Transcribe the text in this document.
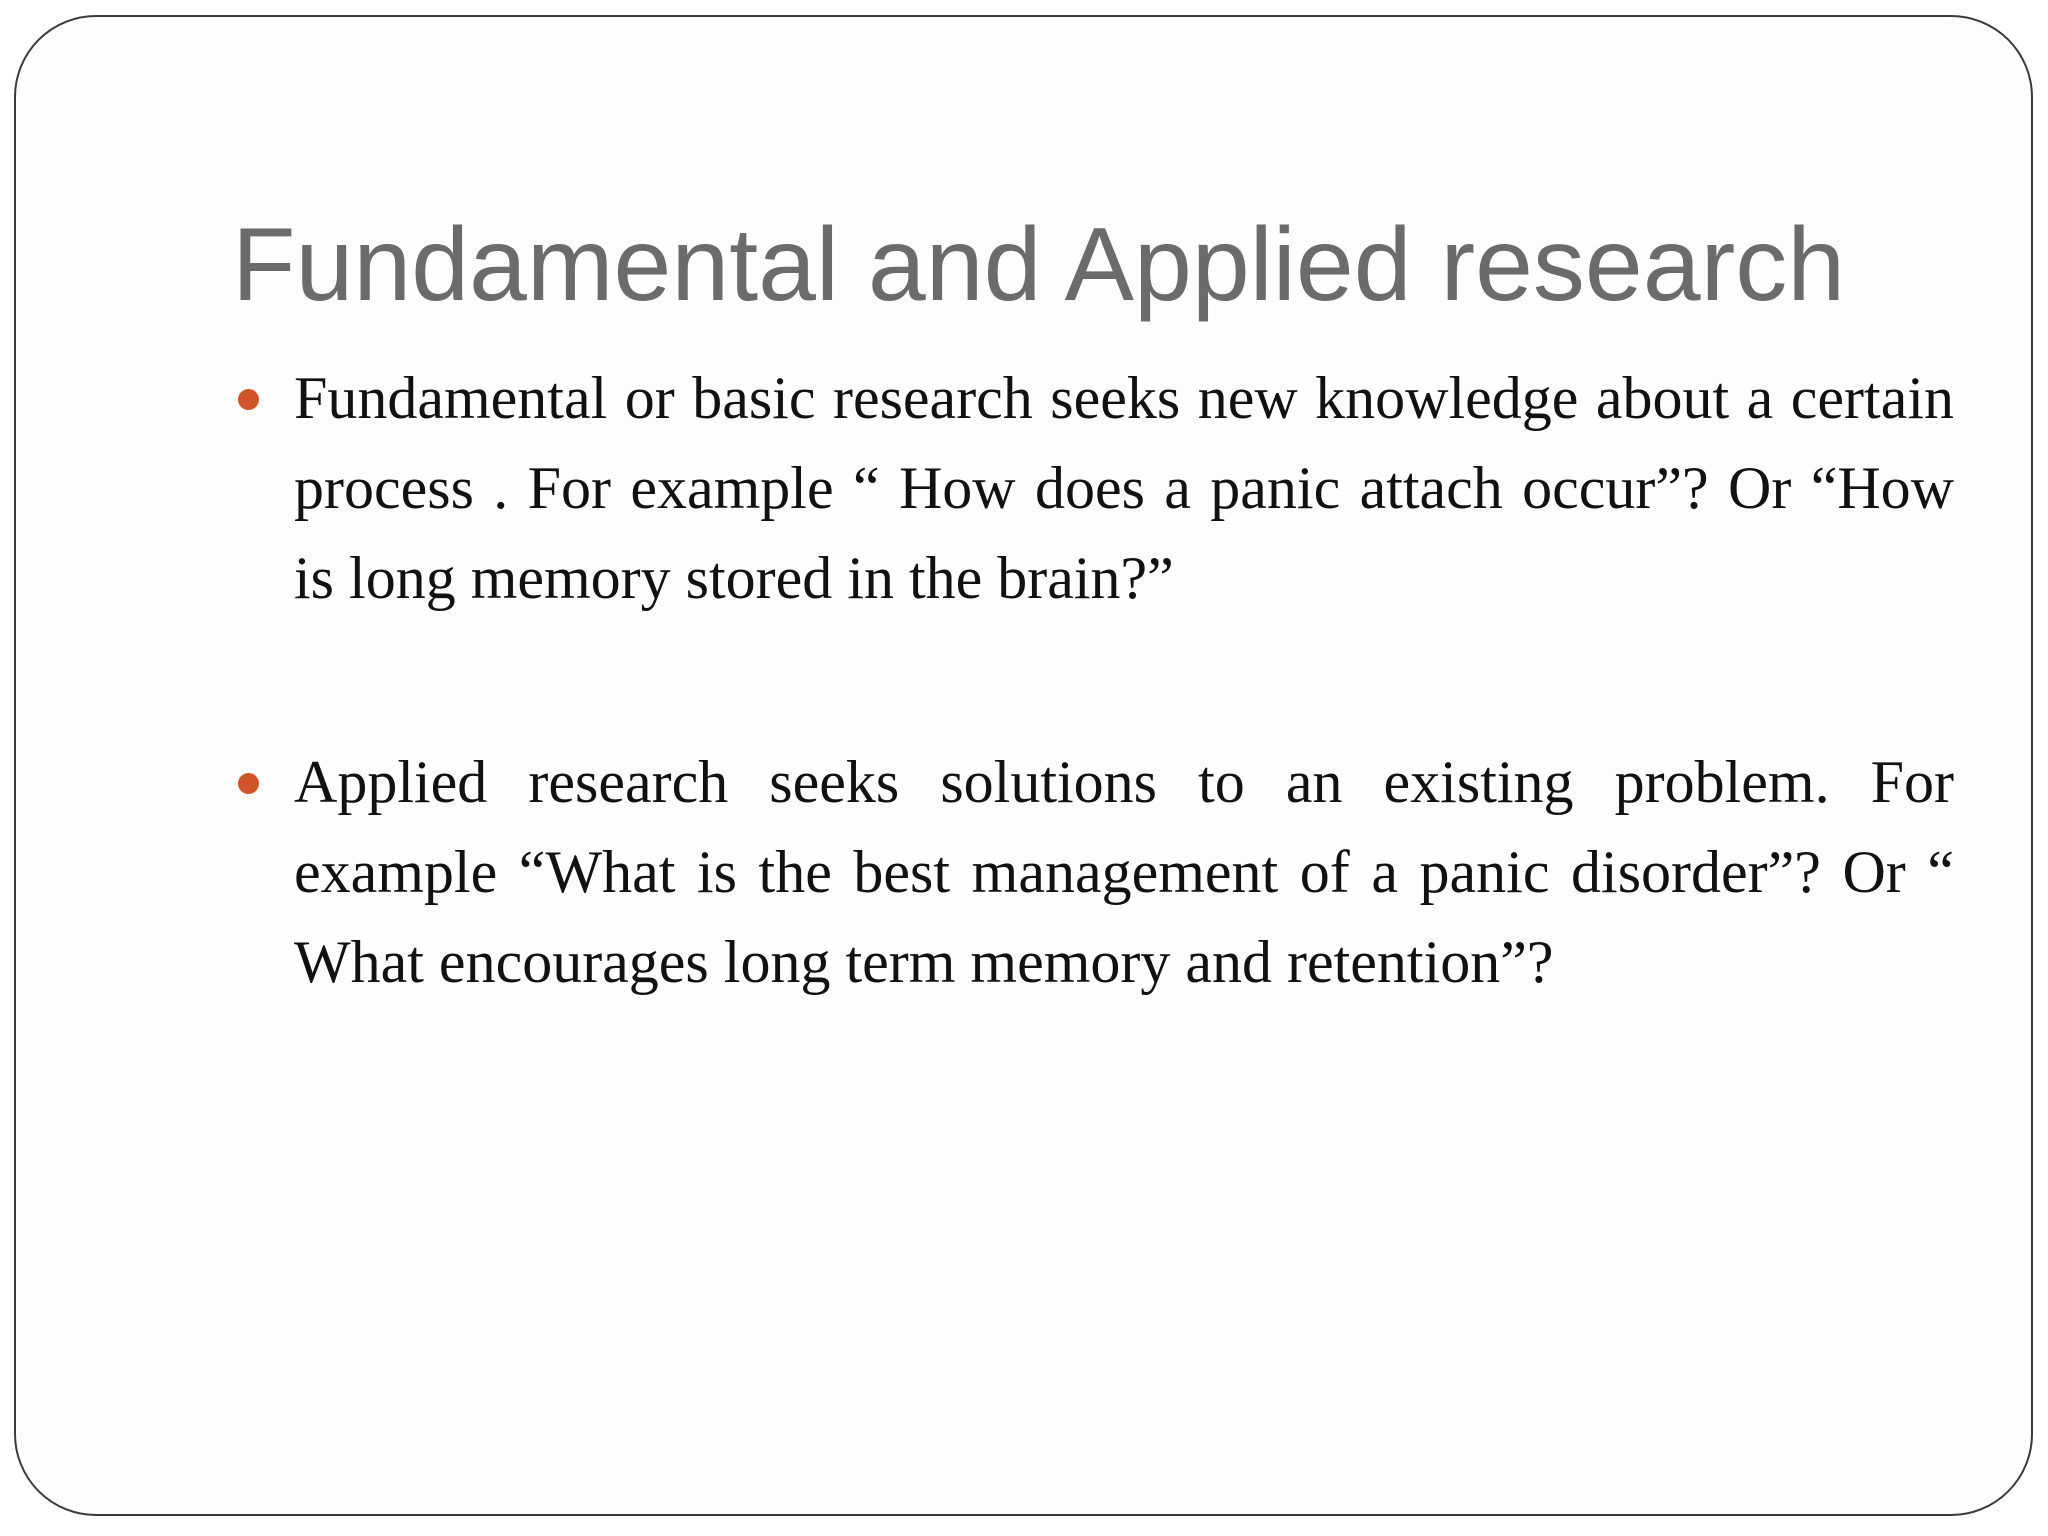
Fundamental and Applied research
Fundamental or basic research seeks new knowledge about a certain process . For example “ How does a panic attach occur”? Or “How is long memory stored in the brain?”
Applied research seeks solutions to an existing problem. For example “What is the best management of a panic disorder”? Or “ What encourages long term memory and retention”?
